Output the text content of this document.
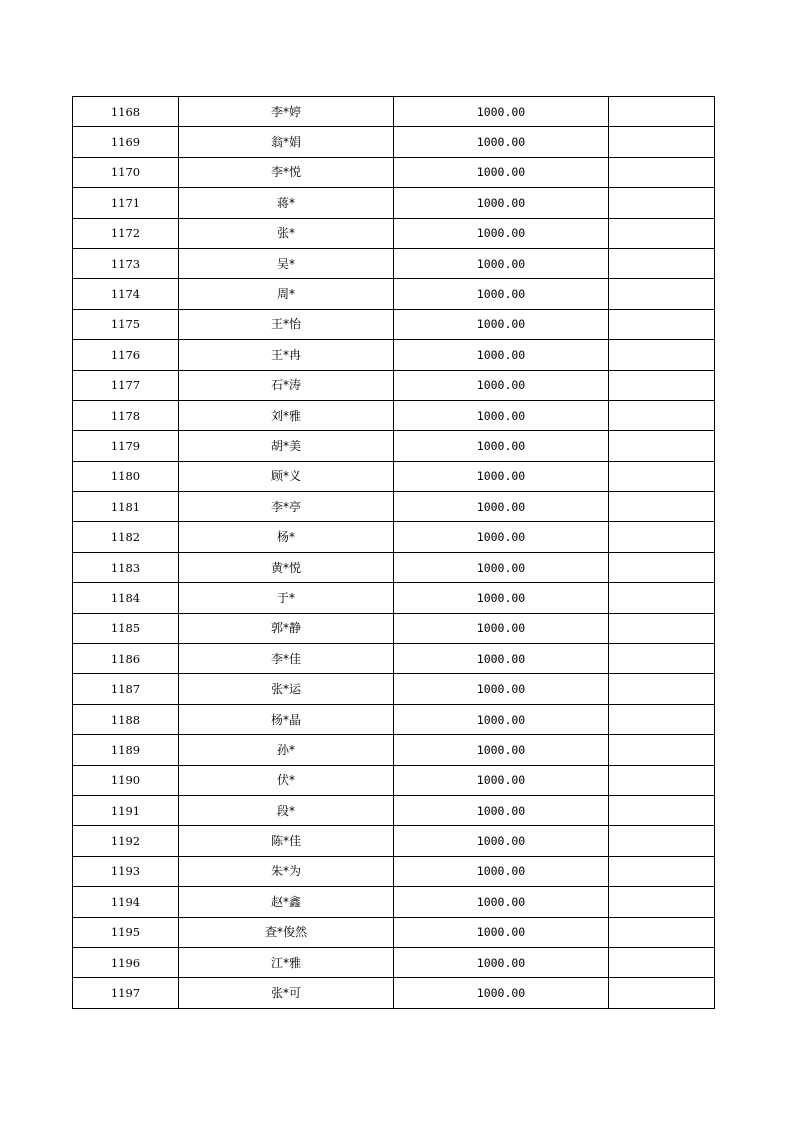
1168	李*婷	1000.00	
1169	翁*娟	1000.00	
1170	李*悦	1000.00	
1171	蒋*	1000.00	
1172	张*	1000.00	
1173	吴*	1000.00	
1174	周*	1000.00	
1175	王*怡	1000.00	
1176	王*冉	1000.00	
1177	石*涛	1000.00	
1178	刘*雅	1000.00	
1179	胡*美	1000.00	
1180	顾*义	1000.00	
1181	李*亭	1000.00	
1182	杨*	1000.00	
1183	黄*悦	1000.00	
1184	于*	1000.00	
1185	郭*静	1000.00	
1186	李*佳	1000.00	
1187	张*运	1000.00	
1188	杨*晶	1000.00	
1189	孙*	1000.00	
1190	伏*	1000.00	
1191	段*	1000.00	
1192	陈*佳	1000.00	
1193	朱*为	1000.00	
1194	赵*鑫	1000.00	
1195	查*俊然	1000.00	
1196	江*雅	1000.00	
1197	张*可	1000.00	
